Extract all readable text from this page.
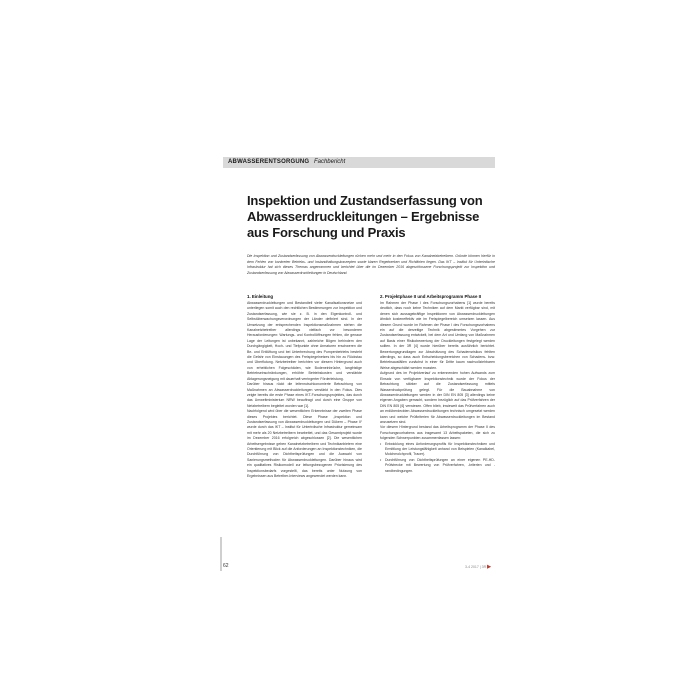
ABWASSERENTSORGUNG Fachbericht
Inspektion und Zustandserfassung von
Abwasserdruckleitungen – Ergebnisse
aus Forschung und Praxis
Die Inspektion und Zustandserfassung von Abwasserdruckleitungen rücken mehr und mehr in den Fokus von Kanalnetzbetreibern. Gründe können hierfür in dem Fehlen von konkreten Betriebs- und Instandhaltungskonzepten sowie klaren Regelwerken und Richtlinien liegen. Das IKT – Institut für Unterirdische Infrastruktur hat sich dieses Themas angenommen und berichtet über die im Dezember 2016 abgeschlossene Forschungsprojekt zur Inspektion und Zustandserfassung von Abwasserdruckleitungen in Deutschland.
1. Einleitung

Abwasserdruckleitungen und Bestandteil vieler Kanalisationsnetze und unterliegen somit auch den rechtlichen Bestimmungen zur Inspektion und Zustandserfassung, wie sie z. B. in den Eigenkontroll- und Selbstüberwachungsverordnungen der Länder definiert sind. In der Umsetzung der entsprechenden Inspektionsmaßnahmen stehen die Kanalnetzbetreiber allerdings vielfach vor besonderen Herausforderungen: Wartungs- und Kontrollöffnungen fehlen, die genaue Lage der Leitungen ist unbekannt, zahlreiche Bögen behindern den Durchgängigkeit, Hoch- und Tiefpunkte ohne Armaturen erschweren die Be- und Entlüftung und bei Unterbrechung des Pumpenbetriebs besteht die Gefahr von Einstauungen des Freispiegelnetzes bis hin zu Rückstau und Überflutung. Netzbetreiber berichten vor diesem Hintergrund auch von erheblichen Folgeschäden, wie Bodeneinbrüche, langfristige Betriebseinschränkungen, erhöhte Betriebskosten und verstärkte Ablagerungsneigung mit dauerhaft verringerter Förderleistung.

Darüber hinaus rückt die leitenrutschkonomierte Betrachtung von Maßnahmen an Abwasserdruckleitungen verstärkt in den Fokus. Dies zeigte bereits die erste Phase eines IKT-Forschungsprojektes, das durch das Umweltministerium NRW beauftragt und durch eine Gruppe von Netzbetreibern begleitet worden war [1].

Nachfolgend wird über die wesentlichen Erkenntnisse der zweiten Phase dieses Projektes berichtet. Diese Phase „Inspektion und Zustandserfassung von Abwasserdruckleitungen und Dükern – Phase II“ wurde durch das IKT – Institut für Unterirdische Infrastruktur gemeinsam mit mehr als 20 Netzbetreibern bearbeitet, und das Gesamtprojekt wurde im Dezember 2016 erfolgreich abgeschlossen [2]. Die wesentlichen Arbeitsergebnisse geben Kanalnetzbetreibern und Technikanbietern eine Orientierung mit Blick auf die Anforderungen an Inspektionstechniken, die Durchführung von Dichtheitsprüfungen und die Auswahl von Sanierungsmethoden für Abwasserdruckleitungen. Darüber hinaus wird ein qualitatives Risikomodell zur leitungsbezogenen Priorisierung des Inspektionsbedarfs vorgestellt, das bereits unter Nutzung von Ergebnissen aus Betreiber-Interviews angewendet werden kann.

2. Projektphase II und Arbeitsprogramm Phase II

Im Rahmen der Phase I des Forschungsvorhabens [1] wurde bereits deutlich, dass noch keine Techniken auf dem Markt verfügbar sind, mit denen sich aussagekräftige Inspektionen von Abwasserdruckleitungen ähnlich kosteneffektiv wie im Freispiegelbereich umsetzen lassen. Aus diesem Grund wurde im Rahmen der Phase I des Forschungsvorhabens ein auf die derzeitige Technik abgestimmtes Vorgehen zur Zustandserfassung entwickelt, bei dem Art und Umfang von Maßnahmen auf Basis einer Risikobewertung der Druckleitungen festgelegt werden sollten. In der 3R [4] wurde hierüber bereits ausführlich berichtet. Bewertungsgrundlagen zur Abschätzung des Schadensrisikos fehlten allerdings, so dass auch Entscheidungsbereichen von Schadens- bzw. Betriebsausfällen zunächst in einer für Dritte kaum nachvollziehbaren Weise abgeschätzt werden mussten.

Aufgrund des im Projektverlauf zu erkennenden hohen Aufwands zum Einsatz von verfügbarer Inspektionstechnik wurde der Fokus der Betrachtung stärker auf die Zustandserfassung mittels Wasserdruckprüfung gelegt. Für die Bauabnahme von Abwasserdruckleitungen werden in der DIN EN 805 [3] allerdings keine eigenen Angaben gemacht, sondern bezüglich auf das Prüfverfahren der DIN EN 805 [6] verwiesen. Offen blieb, inwieweit das Prüfverfahren auch an erdüberdeckten Abwasserdruckleitungen technisch umgesetzt werden kann und welche Prüfkriterien für Abwasserdruckleitungen im Bestand anzusetzen sind.

Vor diesem Hintergrund bestand das Arbeitsprogramm der Phase II des Forschungsvorhabens aus insgesamt 13 Arbeitspaketen, die sich zu folgenden Schwerpunkten zusammenfassen lassen:

• Entwicklung eines Anforderungsprofils für Inspektionstechniken und Ermittlung der Leistungsfähigkeit anhand von Beispielen (Kanalkabel, Molchmolchprofil, Tracer).
• Durchführung von Dichtheitsprüfungen an einer eigenen PE-HD-Prüfstrecke mit Bewertung von Prüfverfahren, -kriterien und -randbedingungen.
62	3-4 2017 | 3R ▶
